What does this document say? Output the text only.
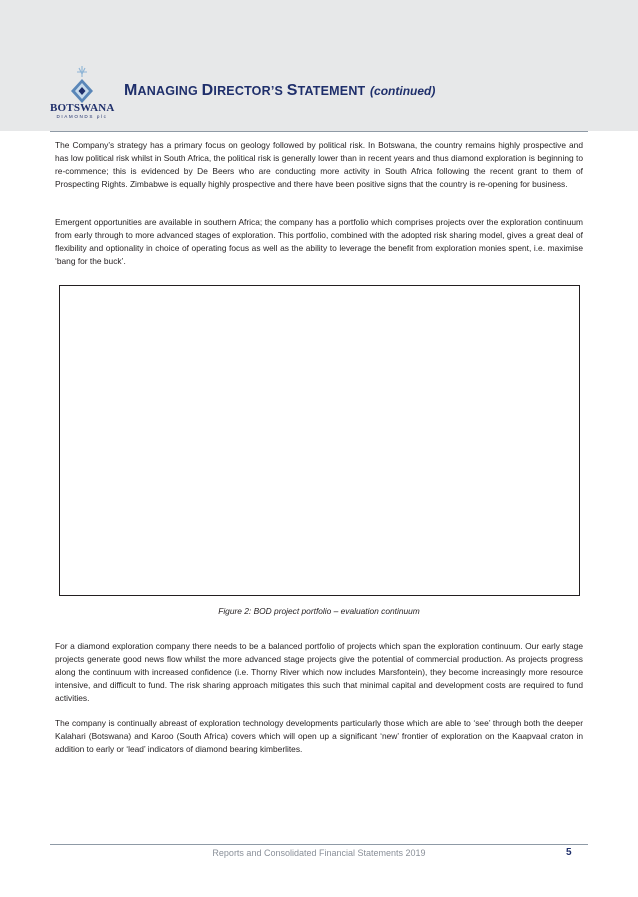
BOTSWANA
DIAMONDS plc
MANAGING DIRECTOR’S STATEMENT (continued)

The Company’s strategy has a primary focus on geology followed by political risk. In Botswana, the country remains highly prospective and has low political risk whilst in South Africa, the political risk is generally lower than in recent years and thus diamond exploration is beginning to re-commence; this is evidenced by De Beers who are conducting more activity in South Africa following the recent grant to them of Prospecting Rights. Zimbabwe is equally highly prospective and there have been positive signs that the country is re-opening for business.

Emergent opportunities are available in southern Africa; the company has a portfolio which comprises projects over the exploration continuum from early through to more advanced stages of exploration. This portfolio, combined with the adopted risk sharing model, gives a great deal of flexibility and optionality in choice of operating focus as well as the ability to leverage the benefit from exploration monies spent, i.e. maximise ‘bang for the buck’.

Figure 2: BOD project portfolio – evaluation continuum

For a diamond exploration company there needs to be a balanced portfolio of projects which span the exploration continuum. Our early stage projects generate good news flow whilst the more advanced stage projects give the potential of commercial production. As projects progress along the continuum with increased confidence (i.e. Thorny River which now includes Marsfontein), they become increasingly more resource intensive, and difficult to fund. The risk sharing approach mitigates this such that minimal capital and development costs are required to fund activities.

The company is continually abreast of exploration technology developments particularly those which are able to ‘see’ through both the deeper Kalahari (Botswana) and Karoo (South Africa) covers which will open up a significant ‘new’ frontier of exploration on the Kaapvaal craton in addition to early or ‘lead’ indicators of diamond bearing kimberlites.

Reports and Consolidated Financial Statements 2019	5
